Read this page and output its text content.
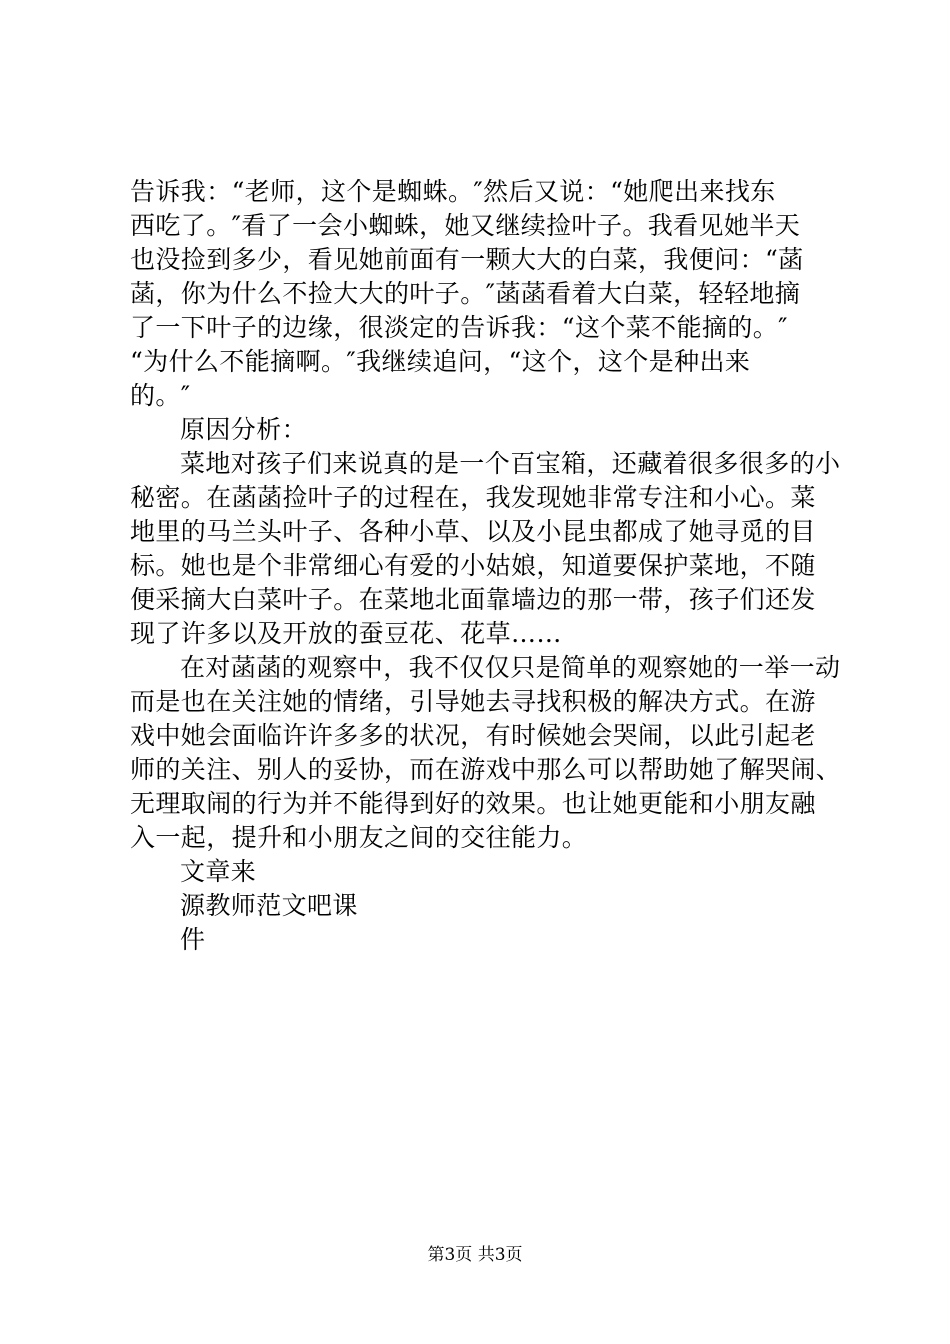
告诉我：“老师，这个是蜘蛛。″然后又说：“她爬出来找东
西吃了。″看了一会小蜘蛛，她又继续捡叶子。我看见她半天
也没捡到多少，看见她前面有一颗大大的白菜，我便问：“菡
菡，你为什么不捡大大的叶子。″菡菡看着大白菜，轻轻地摘
了一下叶子的边缘，很淡定的告诉我：“这个菜不能摘的。″
“为什么不能摘啊。″我继续追问，“这个，这个是种出来
的。″
原因分析：
菜地对孩子们来说真的是一个百宝箱，还藏着很多很多的小
秘密。在菡菡捡叶子的过程在，我发现她非常专注和小心。菜
地里的马兰头叶子、各种小草、以及小昆虫都成了她寻觅的目
标。她也是个非常细心有爱的小姑娘，知道要保护菜地，不随
便采摘大白菜叶子。在菜地北面靠墙边的那一带，孩子们还发
现了许多以及开放的蚕豆花、花草……
在对菡菡的观察中，我不仅仅只是简单的观察她的一举一动
而是也在关注她的情绪，引导她去寻找积极的解决方式。在游
戏中她会面临许许多多的状况，有时候她会哭闹，以此引起老
师的关注、别人的妥协，而在游戏中那么可以帮助她了解哭闹、
无理取闹的行为并不能得到好的效果。也让她更能和小朋友融
入一起，提升和小朋友之间的交往能力。
文章来
源教师范文吧课
件
第3页 共3页
